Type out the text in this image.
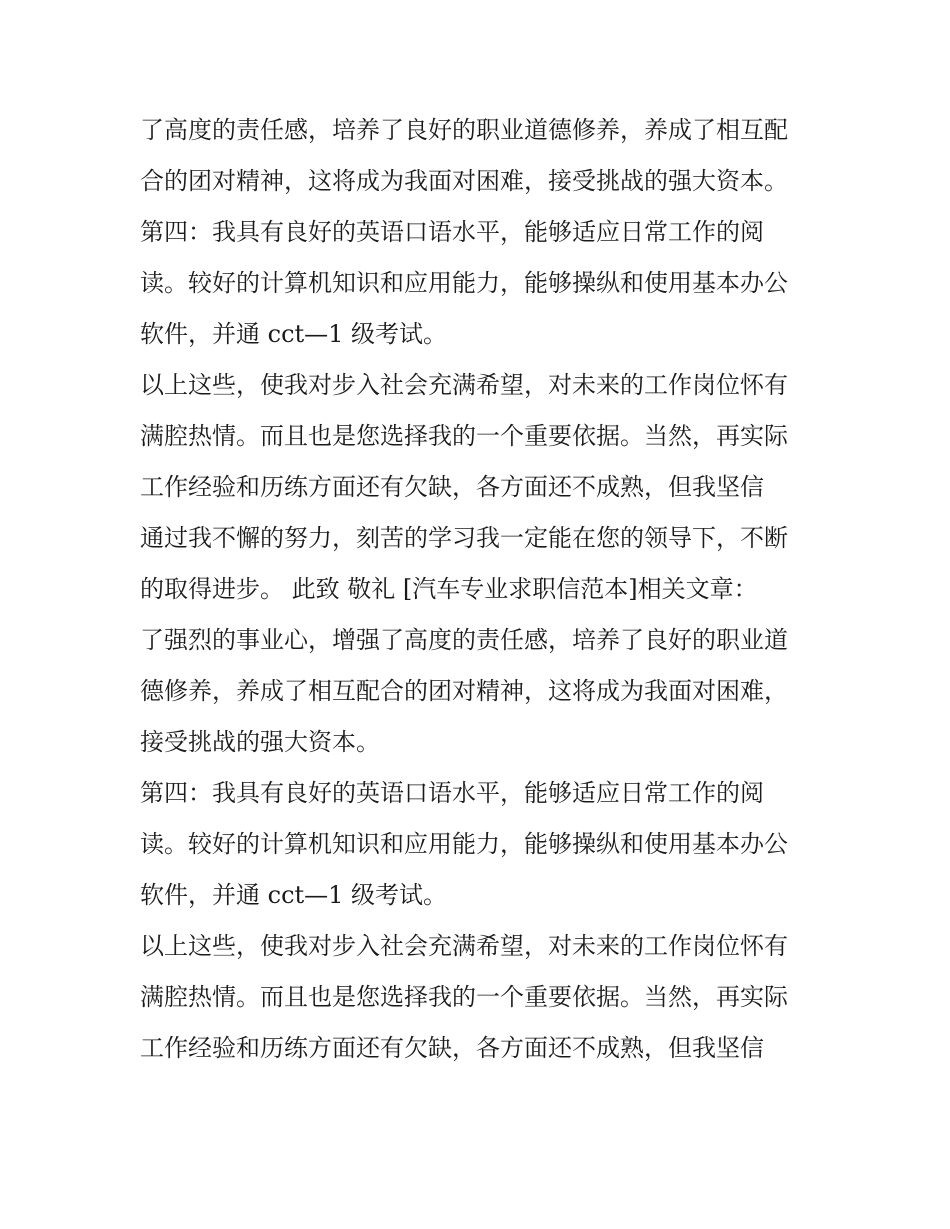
了高度的责任感，培养了良好的职业道德修养，养成了相互配

合的团对精神，这将成为我面对困难，接受挑战的强大资本。

第四：我具有良好的英语口语水平，能够适应日常工作的阅

读。较好的计算机知识和应用能力，能够操纵和使用基本办公

软件，并通 cct—1 级考试。

以上这些，使我对步入社会充满希望，对未来的工作岗位怀有

满腔热情。而且也是您选择我的一个重要依据。当然，再实际

工作经验和历练方面还有欠缺，各方面还不成熟，但我坚信

通过我不懈的努力，刻苦的学习我一定能在您的领导下，不断

的取得进步。 此致 敬礼 [汽车专业求职信范本]相关文章：

了强烈的事业心，增强了高度的责任感，培养了良好的职业道

德修养，养成了相互配合的团对精神，这将成为我面对困难，

接受挑战的强大资本。

第四：我具有良好的英语口语水平，能够适应日常工作的阅

读。较好的计算机知识和应用能力，能够操纵和使用基本办公

软件，并通 cct—1 级考试。

以上这些，使我对步入社会充满希望，对未来的工作岗位怀有

满腔热情。而且也是您选择我的一个重要依据。当然，再实际

工作经验和历练方面还有欠缺，各方面还不成熟，但我坚信
